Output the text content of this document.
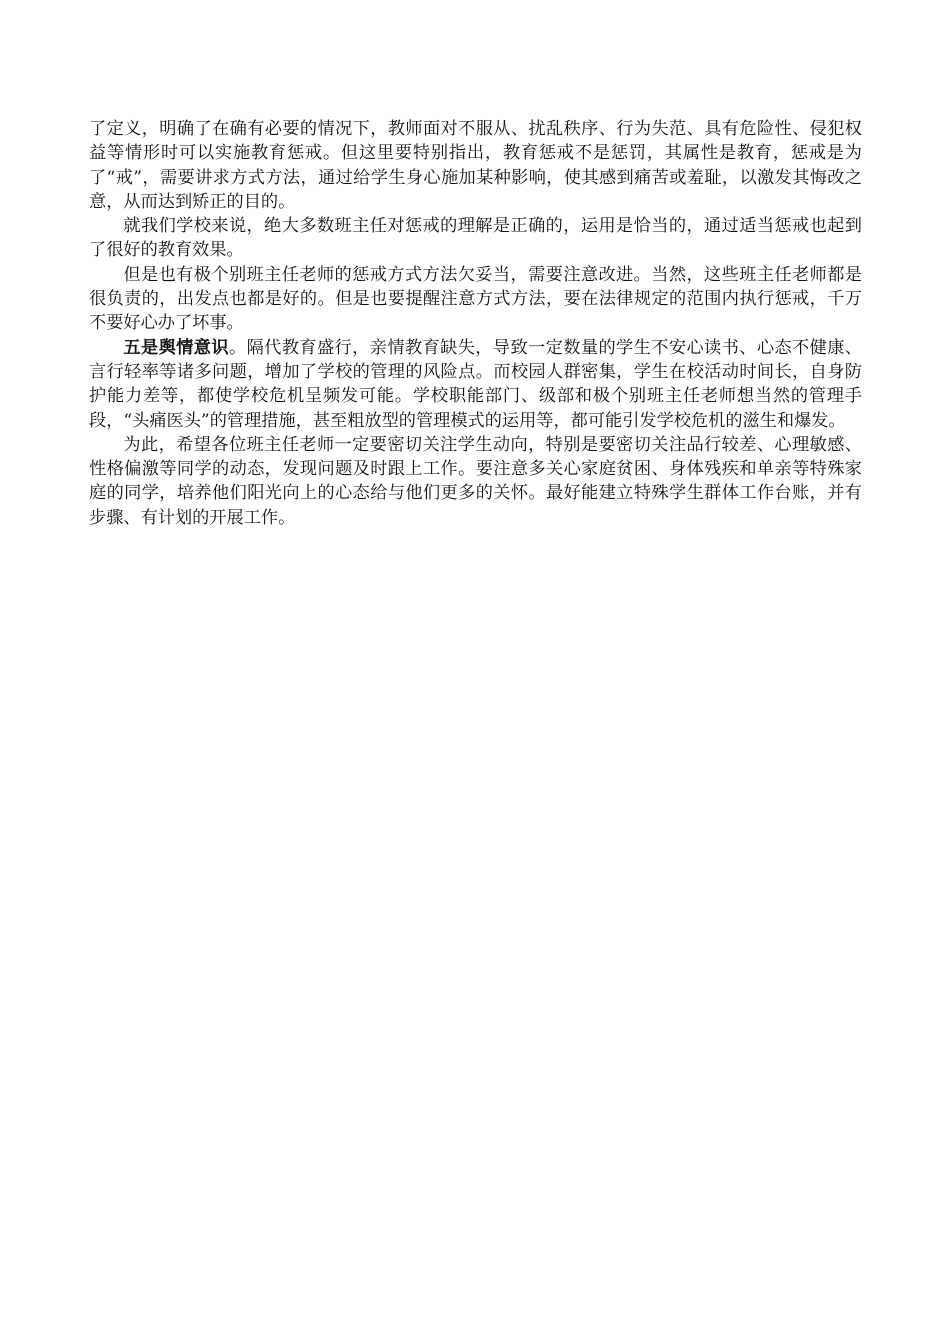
了定义，明确了在确有必要的情况下，教师面对不服从、扰乱秩序、行为失范、具有危险性、侵犯权益等情形时可以实施教育惩戒。但这里要特别指出，教育惩戒不是惩罚，其属性是教育，惩戒是为了“戒”，需要讲求方式方法，通过给学生身心施加某种影响，使其感到痛苦或羞耻，以激发其悔改之意，从而达到矫正的目的。

就我们学校来说，绝大多数班主任对惩戒的理解是正确的，运用是恰当的，通过适当惩戒也起到了很好的教育效果。

但是也有极个别班主任老师的惩戒方式方法欠妥当，需要注意改进。当然，这些班主任老师都是很负责的，出发点也都是好的。但是也要提醒注意方式方法，要在法律规定的范围内执行惩戒，千万不要好心办了坏事。

五是舆情意识。隔代教育盛行，亲情教育缺失，导致一定数量的学生不安心读书、心态不健康、言行轻率等诸多问题，增加了学校的管理的风险点。而校园人群密集，学生在校活动时间长，自身防护能力差等，都使学校危机呈频发可能。学校职能部门、级部和极个别班主任老师想当然的管理手段，“头痛医头”的管理措施，甚至粗放型的管理模式的运用等，都可能引发学校危机的滋生和爆发。

为此，希望各位班主任老师一定要密切关注学生动向，特别是要密切关注品行较差、心理敏感、性格偏激等同学的动态，发现问题及时跟上工作。要注意多关心家庭贫困、身体残疾和单亲等特殊家庭的同学，培养他们阳光向上的心态给与他们更多的关怀。最好能建立特殊学生群体工作台账，并有步骤、有计划的开展工作。
